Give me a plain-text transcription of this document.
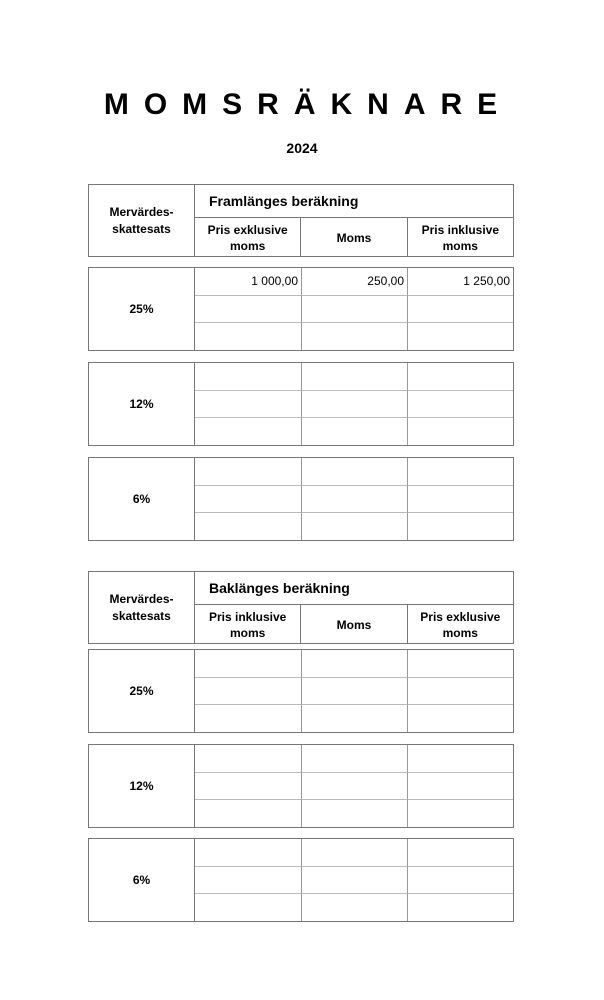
MOMSRÄKNARE
2024
Mervärdes-
skattesats
Framlänges beräkning
Pris exklusive
moms
Moms
Pris inklusive
moms
25%
1 000,00	250,00	1 250,00
12%
6%
Mervärdes-
skattesats
Baklänges beräkning
Pris inklusive
moms
Moms
Pris exklusive
moms
25%
12%
6%
